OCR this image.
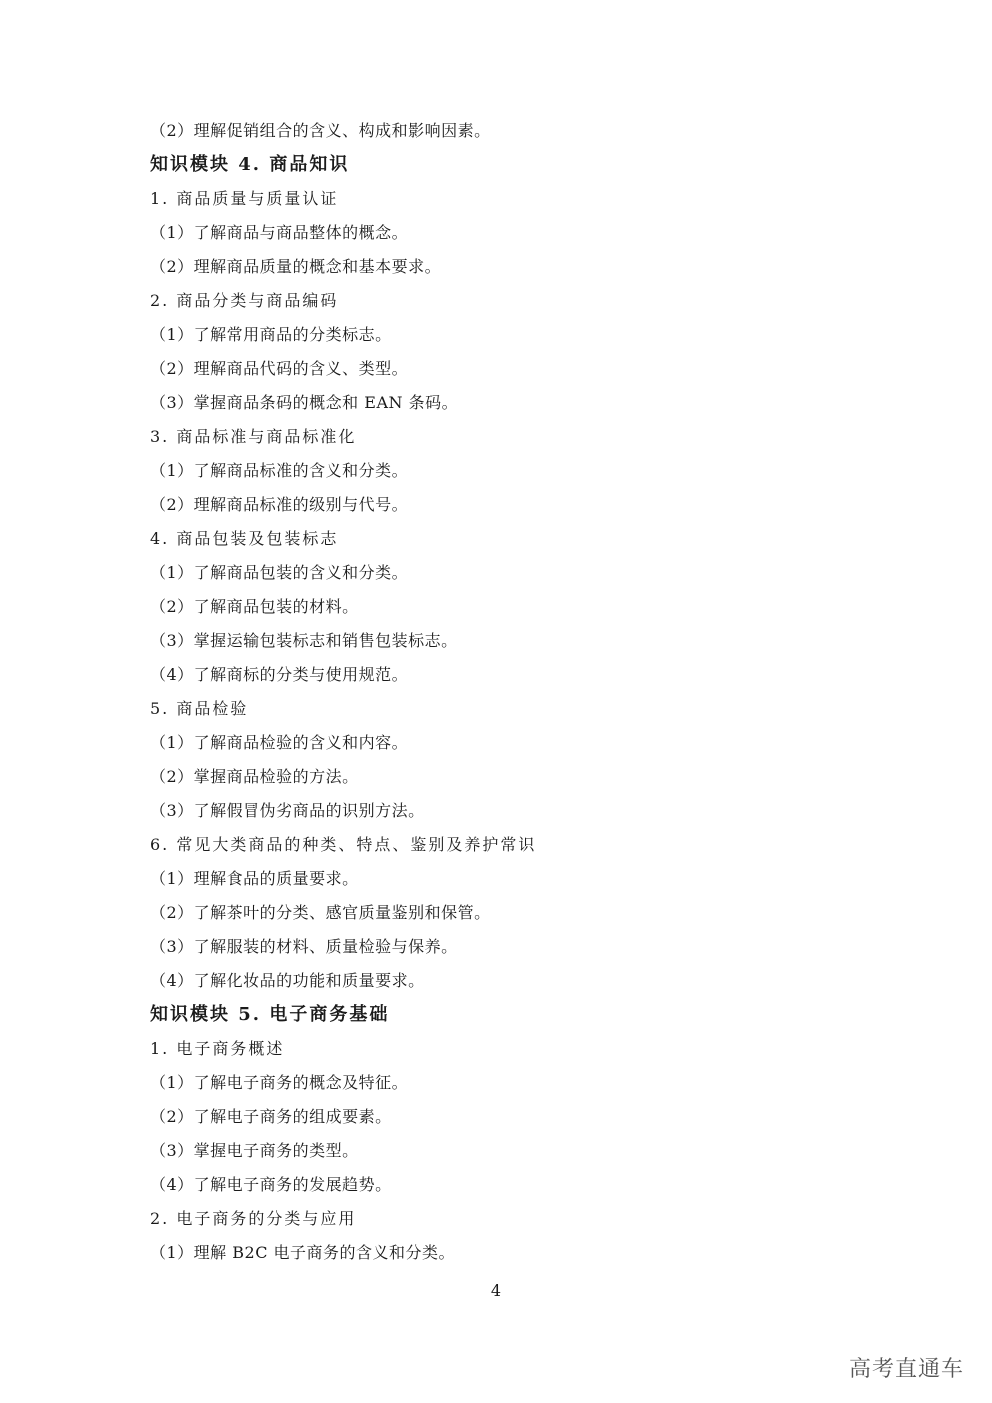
（2）理解促销组合的含义、构成和影响因素。
知识模块 4. 商品知识
1. 商品质量与质量认证
（1）了解商品与商品整体的概念。
（2）理解商品质量的概念和基本要求。
2. 商品分类与商品编码
（1）了解常用商品的分类标志。
（2）理解商品代码的含义、类型。
（3）掌握商品条码的概念和 EAN 条码。
3. 商品标准与商品标准化
（1）了解商品标准的含义和分类。
（2）理解商品标准的级别与代号。
4. 商品包装及包装标志
（1）了解商品包装的含义和分类。
（2）了解商品包装的材料。
（3）掌握运输包装标志和销售包装标志。
（4）了解商标的分类与使用规范。
5. 商品检验
（1）了解商品检验的含义和内容。
（2）掌握商品检验的方法。
（3）了解假冒伪劣商品的识别方法。
6. 常见大类商品的种类、特点、鉴别及养护常识
（1）理解食品的质量要求。
（2）了解茶叶的分类、感官质量鉴别和保管。
（3）了解服装的材料、质量检验与保养。
（4）了解化妆品的功能和质量要求。
知识模块 5. 电子商务基础
1. 电子商务概述
（1）了解电子商务的概念及特征。
（2）了解电子商务的组成要素。
（3）掌握电子商务的类型。
（4）了解电子商务的发展趋势。
2. 电子商务的分类与应用
（1）理解 B2C 电子商务的含义和分类。
4
高考直通车
